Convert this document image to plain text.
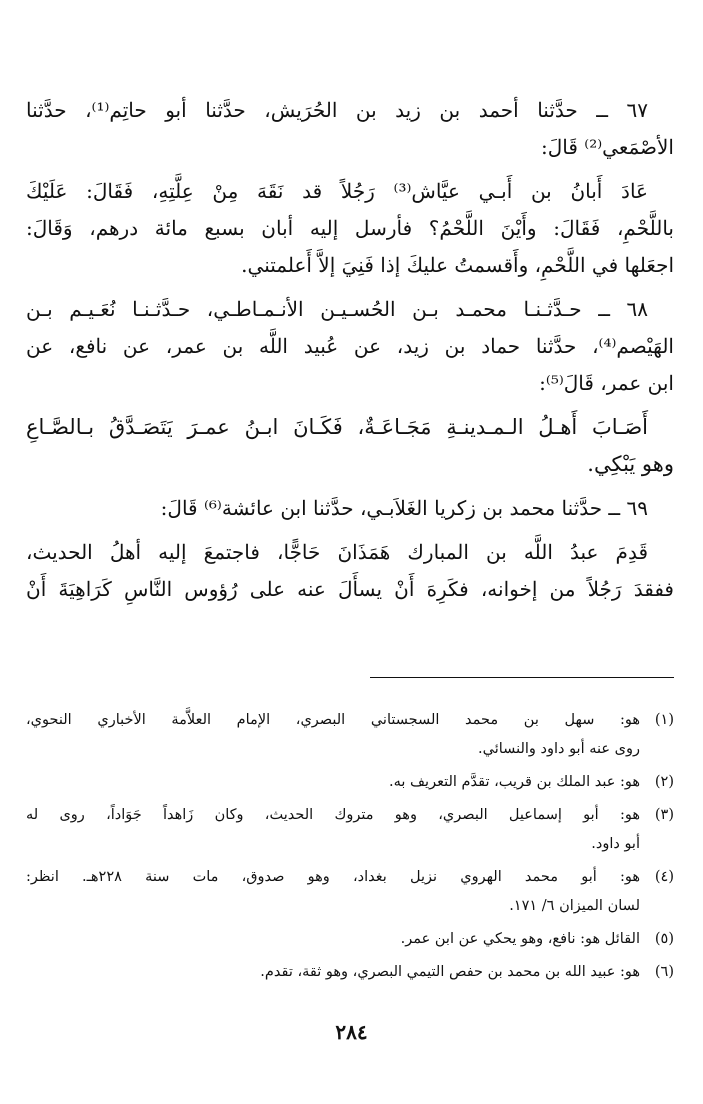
٦٧ ــ حدَّثنا أحمد بن زيد بن الحُرَيش، حدَّثنا أبو حاتِم⁽¹⁾، حدَّثنا
الأصْمَعي⁽²⁾ قَالَ:

عَادَ أَبانُ بن أَبـي عيَّاش⁽³⁾ رَجُلاً قد نَقَهَ مِنْ عِلَّتِهِ، فَقَالَ: عَلَيْكَ
باللَّحْمِ، فَقَالَ: وأَيْنَ اللَّحْمُ؟ فأرسل إليه أبان بسبع مائة درهم، وَقَالَ:
اجعَلها في اللَّحْمِ، وأَقسمتُ عليكَ إذا فَنِيَ إلاَّ أَعلمتني.

٦٨ ــ حـدَّثـنـا محمـد بـن الحُسـيـن الأنـمـاطـي، حـدَّثـنـا نُعَـيـم بـن
الهَيْصم⁽⁴⁾، حدَّثنا حماد بن زيد، عن عُبيد اللَّه بن عمر، عن نافع، عن
ابن عمر، قَالَ⁽⁵⁾:

أَصَـابَ أَهـلُ الـمـدينـةِ مَجَـاعَـةٌ، فَكَـانَ ابـنُ عمـرَ يَتَصَـدَّقُ بـالصَّـاعِ
وهو يَبْكِي.

٦٩ ــ حدَّثنا محمد بن زكريا الغَلاَبـي، حدَّثنا ابن عائشة⁽⁶⁾ قَالَ:

قَدِمَ عبدُ اللَّه بن المبارك هَمَذَانَ حَاجًّا، فاجتمعَ إليه أهلُ الحديث،
ففقدَ رَجُلاً من إخوانه، فكَرِهَ أَنْ يسأَلَ عنه على رُؤوس النَّاسِ كَرَاهِيَةَ أَنْ

(١)هو: سهل بن محمد السجستاني البصري، الإمام العلاَّمة الأخباري النحوي،
روى عنه أبو داود والنسائي.
(٢)هو: عبد الملك بن قريب، تقدَّم التعريف به.
(٣)هو: أبو إسماعيل البصري، وهو متروك الحديث، وكان زَاهداً جَوَاداً، روى له
أبو داود.
(٤)هو: أبو محمد الهروي نزيل بغداد، وهو صدوق، مات سنة ٢٢٨هـ. انظر:
لسان الميزان ٦/ ١٧١.
(٥)القائل هو: نافع، وهو يحكي عن ابن عمر.
(٦)هو: عبيد الله بن محمد بن حفص التيمي البصري، وهو ثقة، تقدم.
٢٨٤
